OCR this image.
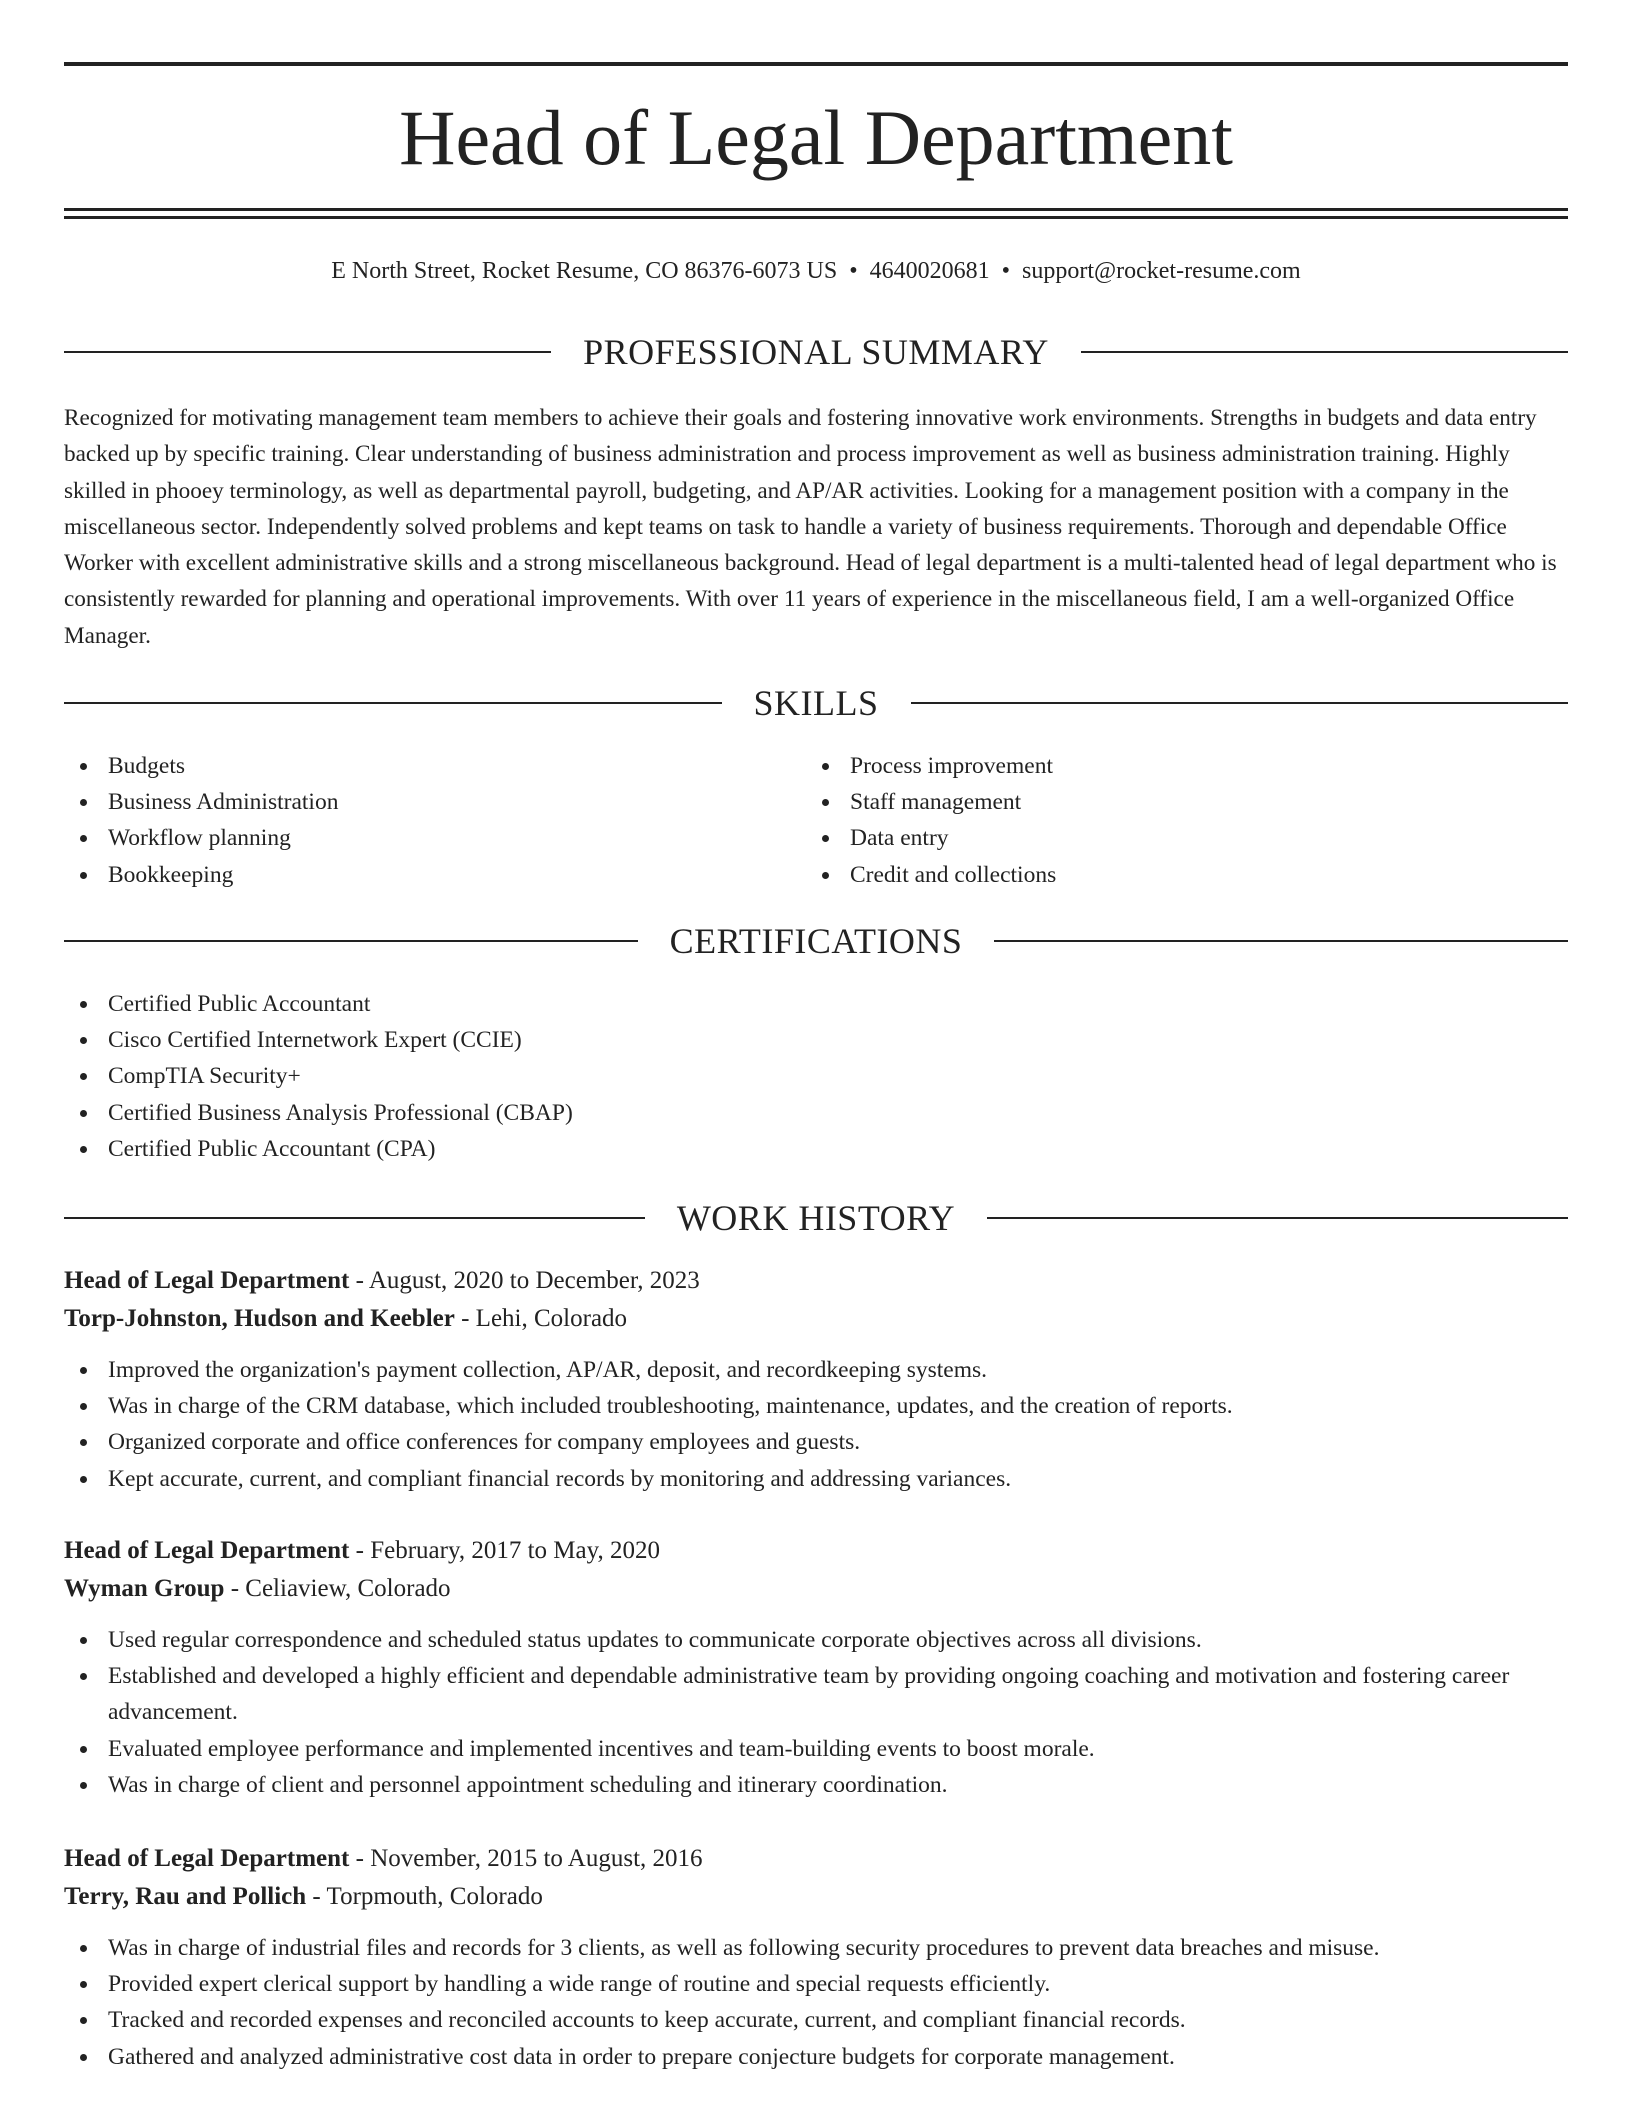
Head of Legal Department
E North Street, Rocket Resume, CO 86376-6073 US • 4640020681 • support@rocket-resume.com
PROFESSIONAL SUMMARY

Recognized for motivating management team members to achieve their goals and fostering innovative work environments. Strengths in budgets and data entry backed up by specific training. Clear understanding of business administration and process improvement as well as business administration training. Highly skilled in phooey terminology, as well as departmental payroll, budgeting, and AP/AR activities. Looking for a management position with a company in the miscellaneous sector. Independently solved problems and kept teams on task to handle a variety of business requirements. Thorough and dependable Office Worker with excellent administrative skills and a strong miscellaneous background. Head of legal department is a multi-talented head of legal department who is consistently rewarded for planning and operational improvements. With over 11 years of experience in the miscellaneous field, I am a well-organized Office Manager.

SKILLS
Budgets
Business Administration
Workflow planning
Bookkeeping
Process improvement
Staff management
Data entry
Credit and collections
CERTIFICATIONS
Certified Public Accountant
Cisco Certified Internetwork Expert (CCIE)
CompTIA Security+
Certified Business Analysis Professional (CBAP)
Certified Public Accountant (CPA)
WORK HISTORY
Head of Legal Department - August, 2020 to December, 2023
Torp-Johnston, Hudson and Keebler - Lehi, Colorado
Improved the organization's payment collection, AP/AR, deposit, and recordkeeping systems.
Was in charge of the CRM database, which included troubleshooting, maintenance, updates, and the creation of reports.
Organized corporate and office conferences for company employees and guests.
Kept accurate, current, and compliant financial records by monitoring and addressing variances.
Head of Legal Department - February, 2017 to May, 2020
Wyman Group - Celiaview, Colorado
Used regular correspondence and scheduled status updates to communicate corporate objectives across all divisions.
Established and developed a highly efficient and dependable administrative team by providing ongoing coaching and motivation and fostering career advancement.
Evaluated employee performance and implemented incentives and team-building events to boost morale.
Was in charge of client and personnel appointment scheduling and itinerary coordination.
Head of Legal Department - November, 2015 to August, 2016
Terry, Rau and Pollich - Torpmouth, Colorado
Was in charge of industrial files and records for 3 clients, as well as following security procedures to prevent data breaches and misuse.
Provided expert clerical support by handling a wide range of routine and special requests efficiently.
Tracked and recorded expenses and reconciled accounts to keep accurate, current, and compliant financial records.
Gathered and analyzed administrative cost data in order to prepare conjecture budgets for corporate management.
